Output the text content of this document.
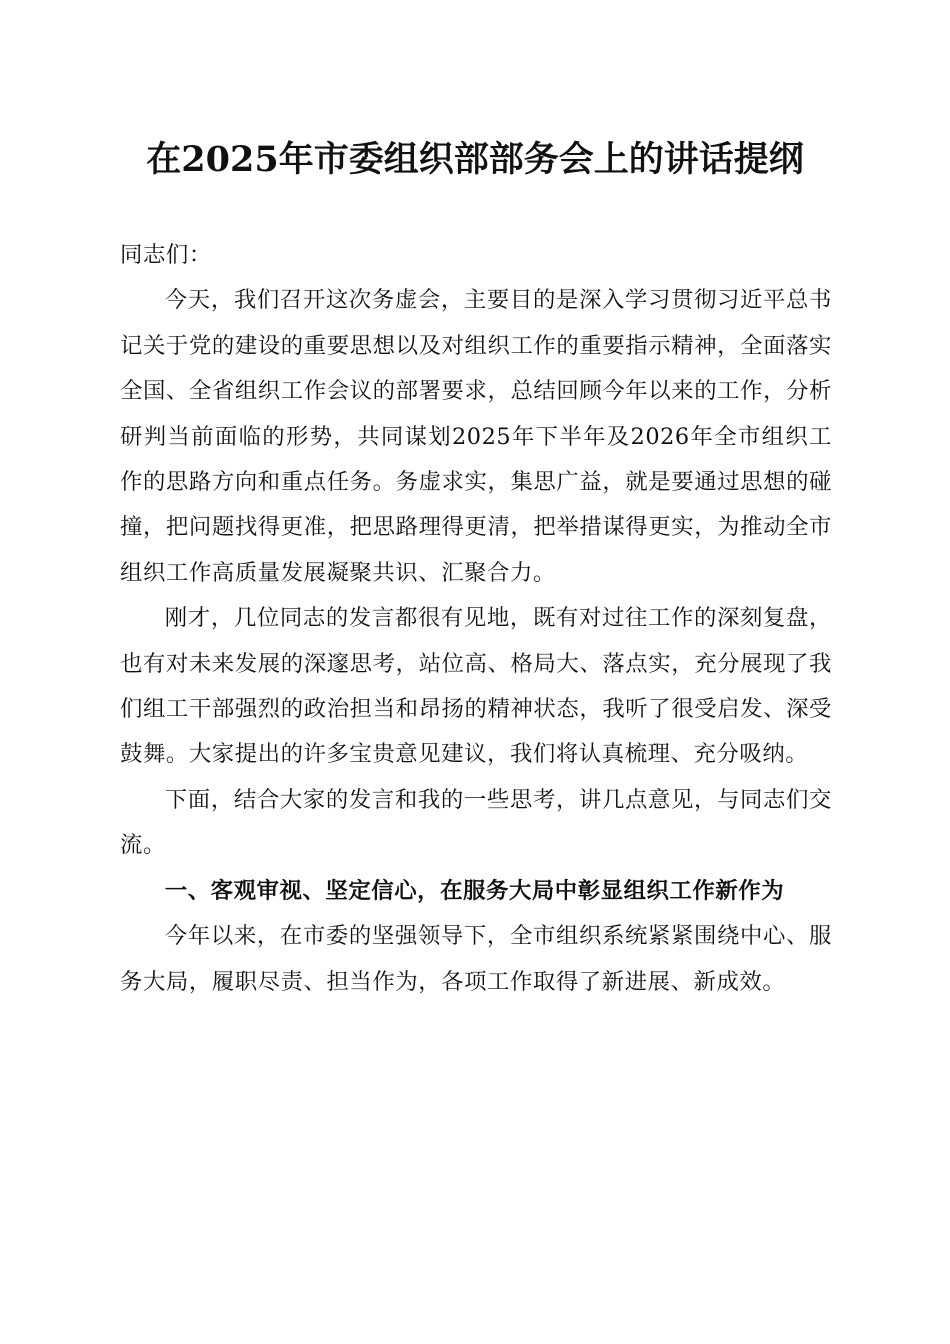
在2025年市委组织部部务会上的讲话提纲

同志们：

今天，我们召开这次务虚会，主要目的是深入学习贯彻习近平总书记关于党的建设的重要思想以及对组织工作的重要指示精神，全面落实全国、全省组织工作会议的部署要求，总结回顾今年以来的工作，分析研判当前面临的形势，共同谋划2025年下半年及2026年全市组织工作的思路方向和重点任务。务虚求实，集思广益，就是要通过思想的碰撞，把问题找得更准，把思路理得更清，把举措谋得更实，为推动全市组织工作高质量发展凝聚共识、汇聚合力。

刚才，几位同志的发言都很有见地，既有对过往工作的深刻复盘，也有对未来发展的深邃思考，站位高、格局大、落点实，充分展现了我们组工干部强烈的政治担当和昂扬的精神状态，我听了很受启发、深受鼓舞。大家提出的许多宝贵意见建议，我们将认真梳理、充分吸纳。

下面，结合大家的发言和我的一些思考，讲几点意见，与同志们交流。

一、客观审视、坚定信心，在服务大局中彰显组织工作新作为

今年以来，在市委的坚强领导下，全市组织系统紧紧围绕中心、服务大局，履职尽责、担当作为，各项工作取得了新进展、新成效。
